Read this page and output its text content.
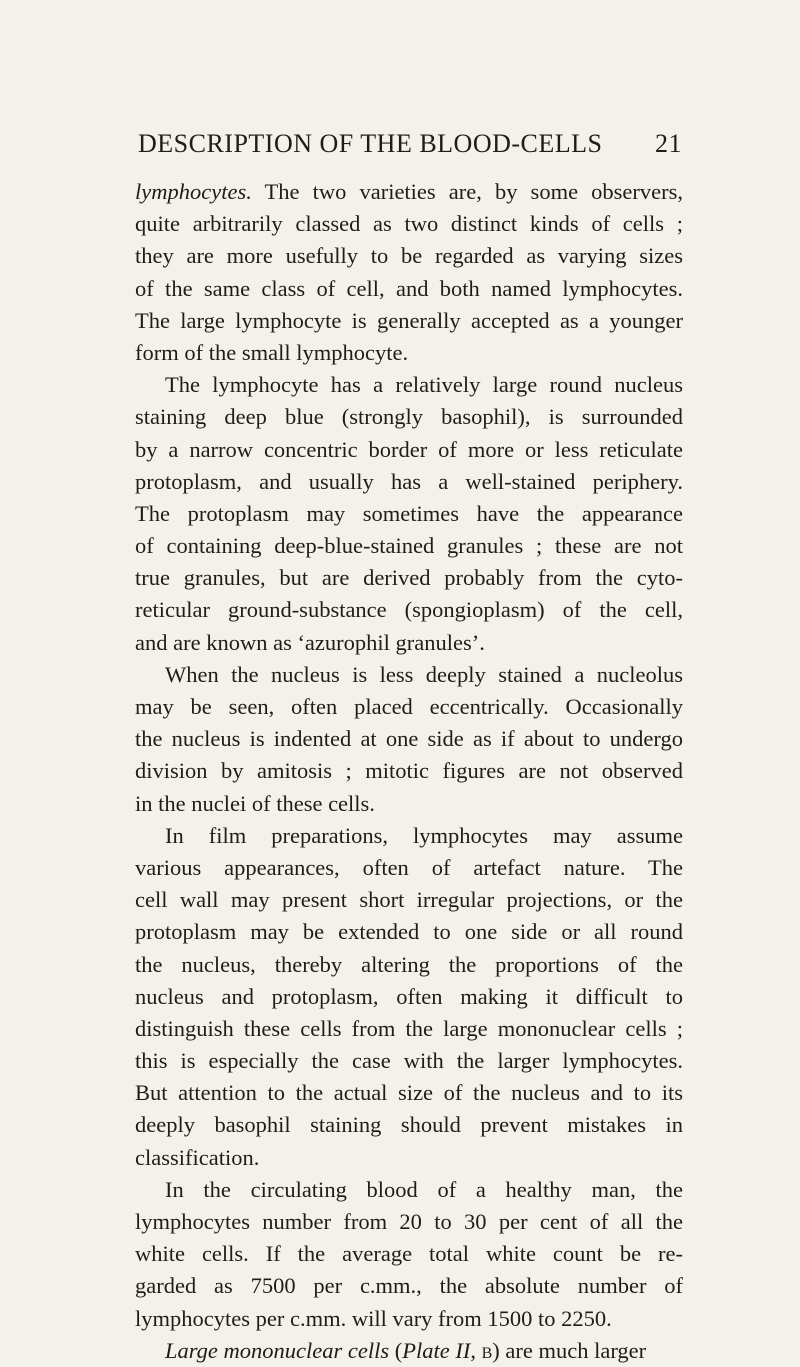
DESCRIPTION OF THE BLOOD-CELLS 21
lymphocytes. The two varieties are, by some observers,
quite arbitrarily classed as two distinct kinds of cells ;
they are more usefully to be regarded as varying sizes
of the same class of cell, and both named lymphocytes.
The large lymphocyte is generally accepted as a younger
form of the small lymphocyte.
The lymphocyte has a relatively large round nucleus
staining deep blue (strongly basophil), is surrounded
by a narrow concentric border of more or less reticulate
protoplasm, and usually has a well-stained periphery.
The protoplasm may sometimes have the appearance
of containing deep-blue-stained granules ; these are not
true granules, but are derived probably from the cyto-
reticular ground-substance (spongioplasm) of the cell,
and are known as ‘azurophil granules’.
When the nucleus is less deeply stained a nucleolus
may be seen, often placed eccentrically. Occasionally
the nucleus is indented at one side as if about to undergo
division by amitosis ; mitotic figures are not observed
in the nuclei of these cells.
In film preparations, lymphocytes may assume
various appearances, often of artefact nature. The
cell wall may present short irregular projections, or the
protoplasm may be extended to one side or all round
the nucleus, thereby altering the proportions of the
nucleus and protoplasm, often making it difficult to
distinguish these cells from the large mononuclear cells ;
this is especially the case with the larger lymphocytes.
But attention to the actual size of the nucleus and to its
deeply basophil staining should prevent mistakes in
classification.
In the circulating blood of a healthy man, the
lymphocytes number from 20 to 30 per cent of all the
white cells. If the average total white count be re-
garded as 7500 per c.mm., the absolute number of
lymphocytes per c.mm. will vary from 1500 to 2250.
Large mononuclear cells (Plate II, b) are much larger
